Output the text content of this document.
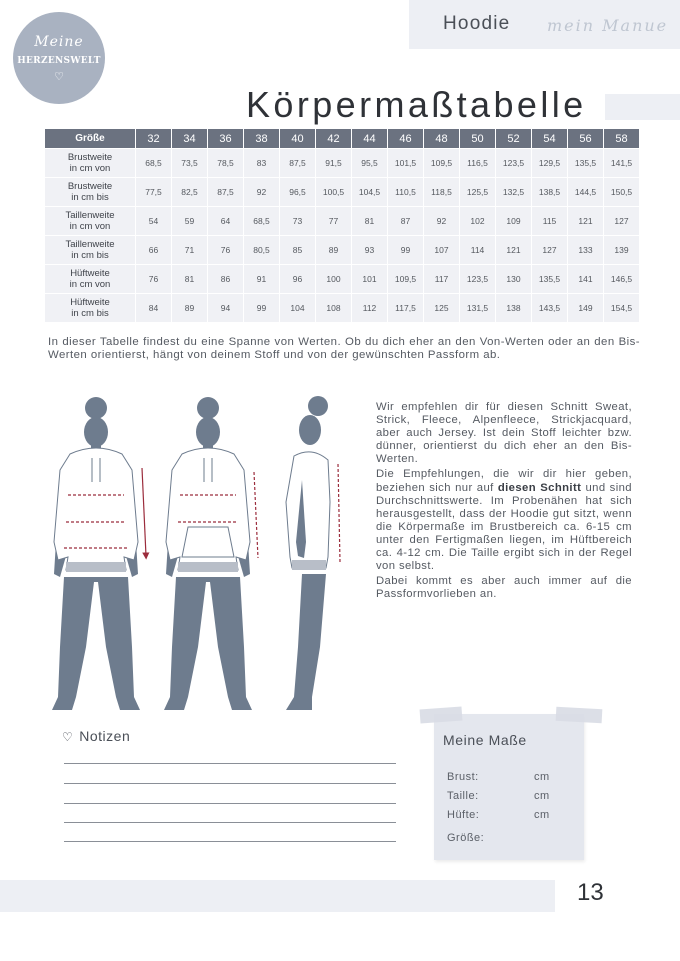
Meine
HERZENSWELT
♡
Hoodie mein Manue
Körpermaßtabelle
Größe	32	34	36	38	40	42	44	46	48	50	52	54	56	58

Brustweite
in cm von	68,5	73,5	78,5	83	87,5	91,5	95,5	101,5	109,5	116,5	123,5	129,5	135,5	141,5

Brustweite
in cm bis	77,5	82,5	87,5	92	96,5	100,5	104,5	110,5	118,5	125,5	132,5	138,5	144,5	150,5

Taillenweite
in cm von	54	59	64	68,5	73	77	81	87	92	102	109	115	121	127

Taillenweite
in cm bis	66	71	76	80,5	85	89	93	99	107	114	121	127	133	139

Hüftweite
in cm von	76	81	86	91	96	100	101	109,5	117	123,5	130	135,5	141	146,5

Hüftweite
in cm bis	84	89	94	99	104	108	112	117,5	125	131,5	138	143,5	149	154,5
In dieser Tabelle findest du eine Spanne von Werten. Ob du dich eher an den Von-Werten oder an den Bis-Werten orientierst, hängt von deinem Stoff und von der gewünschten Passform ab.

Wir empfehlen dir für diesen Schnitt Sweat, Strick, Fleece, Alpenfleece, Strickjacquard, aber auch Jersey. Ist dein Stoff leichter bzw. dünner, orientierst du dich eher an den Bis-Werten.

Die Empfehlungen, die wir dir hier geben, beziehen sich nur auf diesen Schnitt und sind Durchschnittswerte. Im Probenähen hat sich herausgestellt, dass der Hoodie gut sitzt, wenn die Körpermaße im Brustbereich ca. 6-15 cm unter den Fertigmaßen liegen, im Hüftbereich ca. 4-12 cm. Die Taille ergibt sich in der Regel von selbst.

Dabei kommt es aber auch immer auf die Passformvorlieben an.

♡ Notizen	Meine Maße
Brust:	cm
Taille:	cm
Hüfte:	cm
Größe:
13
